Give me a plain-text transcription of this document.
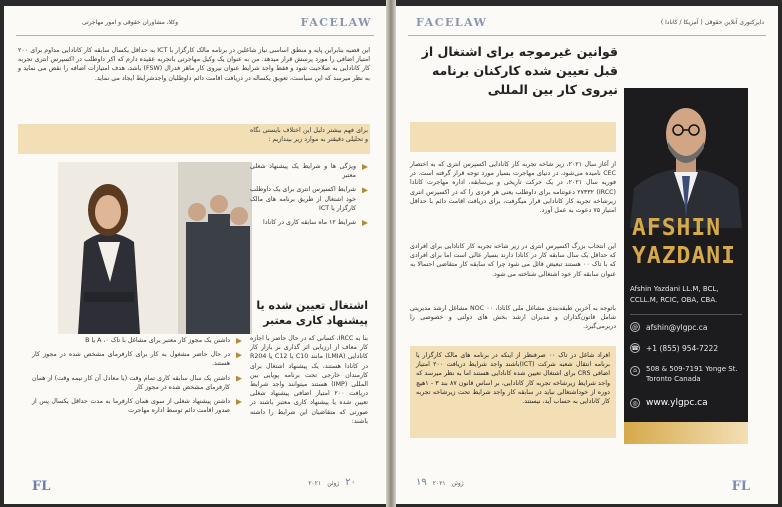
وکلا، مشاوران حقوقی و امور مهاجرتی	FACELAW
این قضیه بنابراین پایه و منطق اساسی نیاز شاغلین در برنامه مالک کارگزار با ICT به حداقل یکسال سابقه کار کانادایی مداوم برای ۲۰۰ امتیاز اضافی را مورد پرسش قرار میدهد. من به عنوان یک وکیل مهاجرتی باتجربه عقیده دارم که اکر داوطلب در اکسپرس انتری تجربه کار کانادایی به صلاحیت شود و فقط واجد شرایط عنوان نیروی کار ماهر فدرال (FSW) باشد، هدف امتیازات اضافه را نقض می نماید و به نظر میرسد که این سیاست، تعویق یکساله در دریافت اقامت دائم داوطلبان واجدشرایط ایجاد می نماید.
برای فهم بیشتر دلیل این اختلاف بایستی نگاه و تحلیلی دقیقتر به موارد زیر بیندازیم :
ویژگی ها و شرایط یک پیشنهاد شغلی معتبر
شرایط اکسپرس انتری برای یک داوطلب خود اشتغال از طریق برنامه های مالک کارگزار یا ICT
شرایط ۱۲ ماه سابقه کاری در کانادا
اشتغال تعیین شده یا پیشنهاد کاری معتبر
بنا به IRCC، کسانی که در حال حاضر با اجازه کار معاف از ارزیابی اثر گذاری بر بازار کار کانادایی (LMIA) مانند C10 یا C12 یا R204 در کانادا هستند، یک پیشنهاد اشتغال برای کارمندان خارجی تحت برنامه پویایی بین المللی (IMP) هستند میتوانند واجد شرایط دریافت ۲۰۰ امتیاز اضافی پیشنهاد شغلی تعیین شده یا پیشنهاد کاری معتبر باشند در صورتی که متقاضیان این شرایط را داشته باشند:
داشتن یک مجوز کار معتبر برای مشاغل با تاک ۰، A یا B
در حال حاضر مشغول به کار برای کارفرمای مشخص شده در مجوز کار هستند.
داشتن یک سال سابقه کاری تمام وقت (یا معادل آن کار نیمه وقت) از همان کارفرمای مشخص شده در مجوز کار
داشتن پیشنهاد شغلی از سوی همان کارفرما به مدت حداقل یکسال پس از صدور اقامت دائم توسط اداره مهاجرت
FL	۲۰۲۱ ژوئن ۲۰
دایرکتوری آنلاین حقوقی ( آمریکا / کانادا )
FACELAW
قوانین غیرموجه برای اشتغال از قبل تعیین شده کارکنان برنامه نیروی کار بین المللی
از آغاز سال ۲۰۲۱، زیر شاخه تجربه کار کانادایی اکسپرس انتری که به اختصار CEC نامیده می‌شود، در دنیای مهاجرت بسیار مورد توجه قرار گرفته است. در فوریه سال ۲۰۲۱، در یک حرکت تاریخی و بی‌سابقه، اداره مهاجرت کانادا (IRCC) ۲۷۳۳۲ دعوتنامه برای داوطلب یعنی هر فردی را که در اکسپرس انتری زیرشاخه تجربه کار کانادایی قرار میگرفت، برای دریافت اقامت دائم با حداقل امتیاز ۷۵ دعوت به عمل آورد.
این انتخاب بزرگ اکسپرس انتری در زیر شاخه تجربه کار کانادایی برای افرادی که حداقل یک سال سابقه کار در کانادا دارند بسیار عالی است اما برای افرادی که با تاک ۰۰ هستند تبعیض قائل می شود چرا که سابقه کار متقاضی احتمالا به عنوان سابقه کار خود اشتغالی شناخته می شود.
باتوجه به آخرین طبقه‌بندی مشاغل ملی کانادا، NOC ۰۰ مشاغل ارشد مدیریتی شامل قانون‌گذاران و مدیران ارشد بخش های دولتی و خصوصی را دربرمی‌گیرد.
افراد شاغل در تاک ۰۰ صرفنظر از اینکه در برنامه های مالک کارگزار یا برنامه انتقال شعبه شرکت (ICT)باشند واجد شرایط دریافت ۲۰۰ امتیاز اضافی CRS برای اشتغال تعیین شده کانادایی هستند اما به نظر میرسد که واجد شرایط زیرشاخه تجربه کار کانادایی، بر اساس قانون ۸۷ بند ۳ - ۱هیچ دوره از خوداشتغالی نباید در سابقه کار واجد شرایط تحت زیرشاخه تجربه کار کانادایی به حساب آید، نیستند.
FL
۱۹ ۲۰۲۱ ژوئن
AFSHIN
YAZDANI
Afshin Yazdani LL.M, BCL, CCLL.M, RCIC, OBA, CBA.
@ afshin@ylgpc.ca
☎ +1 (855) 954-7222
⌂	508 & 509-7191 Yonge St.
Toronto Canada
◎ www.ylgpc.ca
